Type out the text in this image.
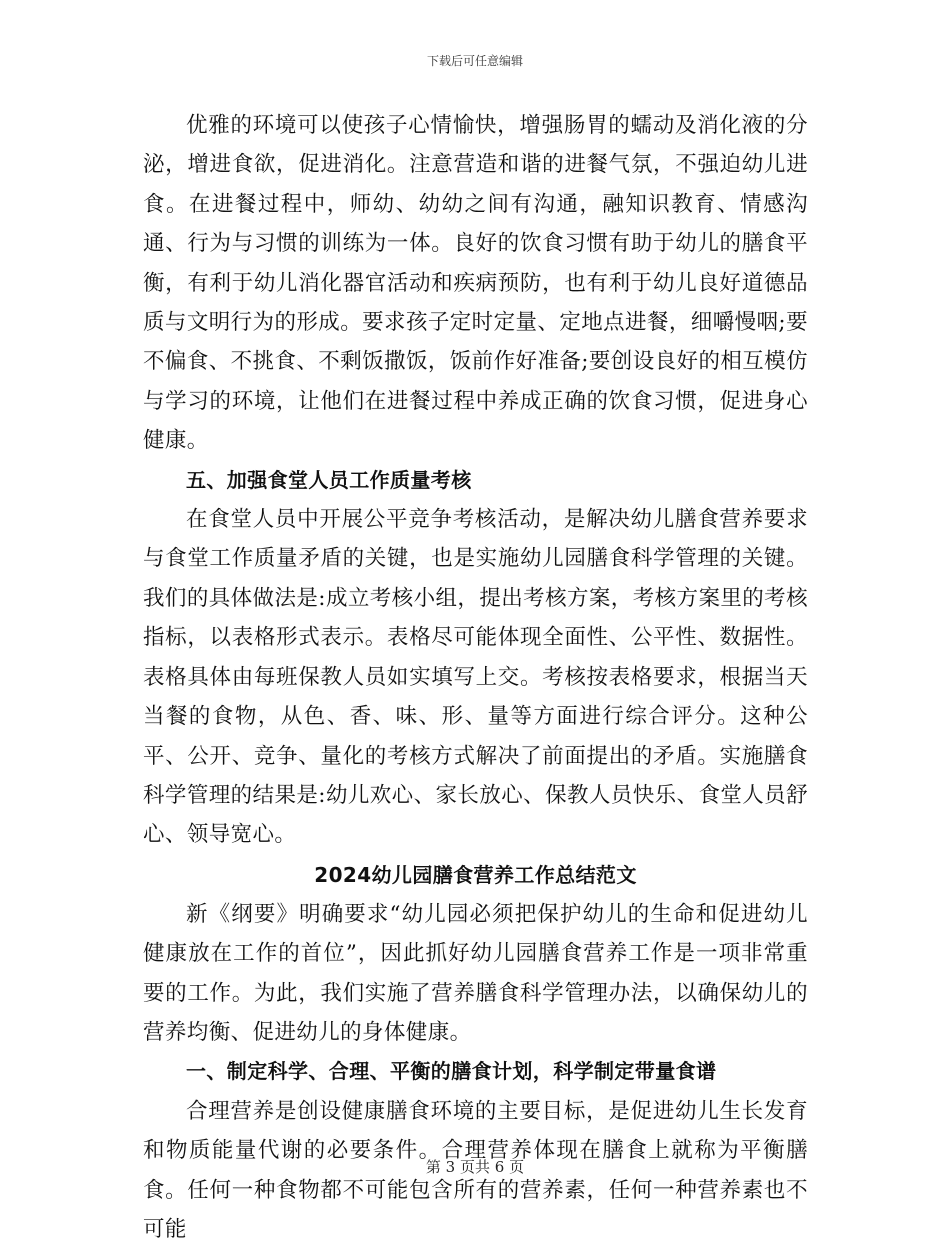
下载后可任意编辑

优雅的环境可以使孩子心情愉快，增强肠胃的蠕动及消化液的分泌，增进食欲，促进消化。注意营造和谐的进餐气氛，不强迫幼儿进食。在进餐过程中，师幼、幼幼之间有沟通，融知识教育、情感沟通、行为与习惯的训练为一体。良好的饮食习惯有助于幼儿的膳食平衡，有利于幼儿消化器官活动和疾病预防，也有利于幼儿良好道德品质与文明行为的形成。要求孩子定时定量、定地点进餐，细嚼慢咽;要不偏食、不挑食、不剩饭撒饭，饭前作好准备;要创设良好的相互模仿与学习的环境，让他们在进餐过程中养成正确的饮食习惯，促进身心健康。

五、加强食堂人员工作质量考核

在食堂人员中开展公平竞争考核活动，是解决幼儿膳食营养要求与食堂工作质量矛盾的关键，也是实施幼儿园膳食科学管理的关键。我们的具体做法是:成立考核小组，提出考核方案，考核方案里的考核指标，以表格形式表示。表格尽可能体现全面性、公平性、数据性。表格具体由每班保教人员如实填写上交。考核按表格要求，根据当天当餐的食物，从色、香、味、形、量等方面进行综合评分。这种公平、公开、竞争、量化的考核方式解决了前面提出的矛盾。实施膳食科学管理的结果是:幼儿欢心、家长放心、保教人员快乐、食堂人员舒心、领导宽心。

2024幼儿园膳食营养工作总结范文

新《纲要》明确要求“幼儿园必须把保护幼儿的生命和促进幼儿健康放在工作的首位”，因此抓好幼儿园膳食营养工作是一项非常重要的工作。为此，我们实施了营养膳食科学管理办法，以确保幼儿的营养均衡、促进幼儿的身体健康。

一、制定科学、合理、平衡的膳食计划，科学制定带量食谱

合理营养是创设健康膳食环境的主要目标，是促进幼儿生长发育和物质能量代谢的必要条件。合理营养体现在膳食上就称为平衡膳食。任何一种食物都不可能包含所有的营养素，任何一种营养素也不可能

第 3 页共 6 页
